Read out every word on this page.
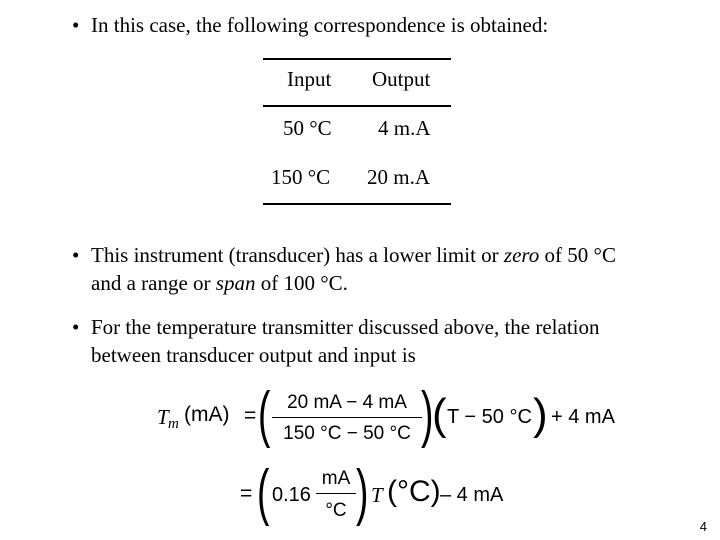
• In this case, the following correspondence is obtained:
Input Output
50 °C 4 m.A
150 °C 20 m.A
• This instrument (transducer) has a lower limit or zero of 50 °C
and a range or span of 100 °C.
• For the temperature transmitter discussed above, the relation
between transducer output and input is
T m (mA) = ( 20 mA − 4 mA
150 °C − 50 °C )
( T − 50 °C ) + 4 mA
= ( 0.16
mA
°C ) T (°C) – 4 mA
4
